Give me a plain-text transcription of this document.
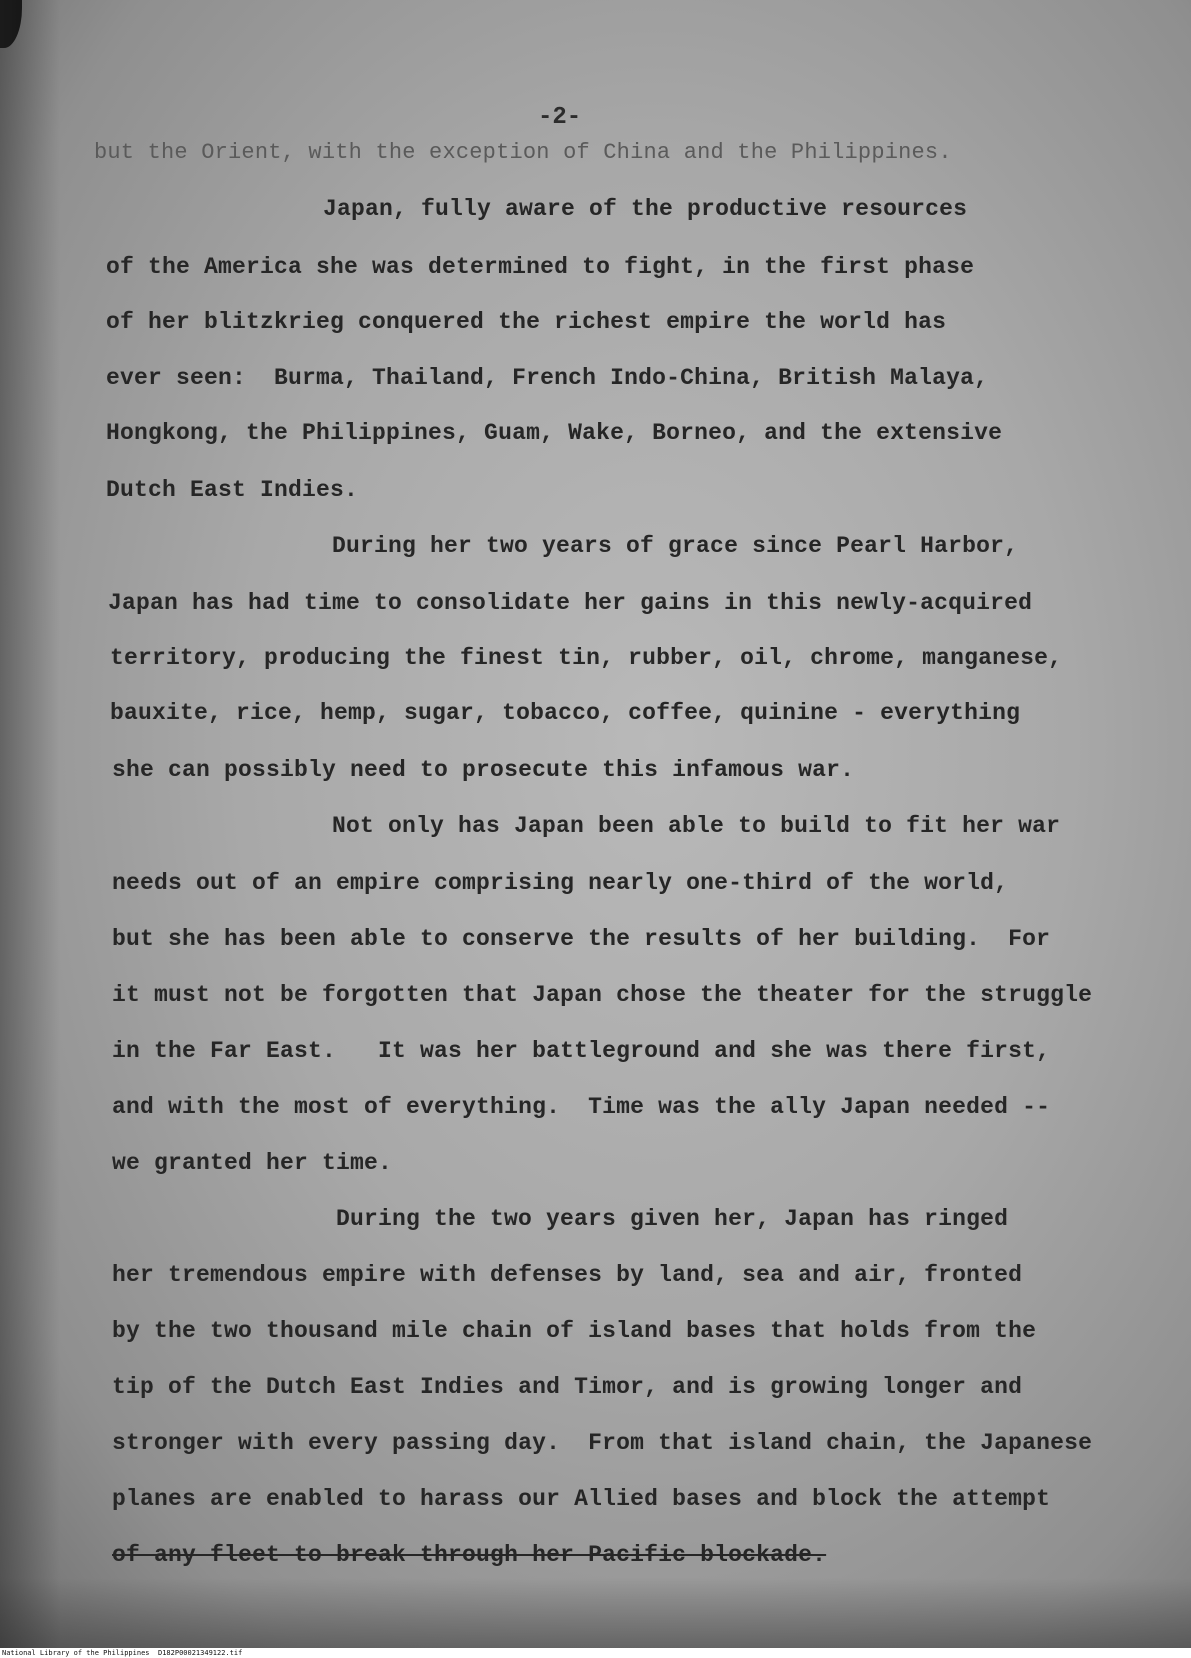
-2-

but the Orient, with the exception of China and the Philippines.

Japan, fully aware of the productive resources

of the America she was determined to fight, in the first phase

of her blitzkrieg conquered the richest empire the world has

ever seen:  Burma, Thailand, French Indo-China, British Malaya,

Hongkong, the Philippines, Guam, Wake, Borneo, and the extensive

Dutch East Indies.

During her two years of grace since Pearl Harbor,

Japan has had time to consolidate her gains in this newly-acquired

territory, producing the finest tin, rubber, oil, chrome, manganese,

bauxite, rice, hemp, sugar, tobacco, coffee, quinine - everything

she can possibly need to prosecute this infamous war.

Not only has Japan been able to build to fit her war

needs out of an empire comprising nearly one-third of the world,

but she has been able to conserve the results of her building.  For

it must not be forgotten that Japan chose the theater for the struggle

in the Far East.   It was her battleground and she was there first,

and with the most of everything.  Time was the ally Japan needed --

we granted her time.

During the two years given her, Japan has ringed

her tremendous empire with defenses by land, sea and air, fronted

by the two thousand mile chain of island bases that holds from the

tip of the Dutch East Indies and Timor, and is growing longer and

stronger with every passing day.  From that island chain, the Japanese

planes are enabled to harass our Allied bases and block the attempt

of any fleet to break through her Pacific blockade.

National Library of the Philippines D182P00021349122.tif
